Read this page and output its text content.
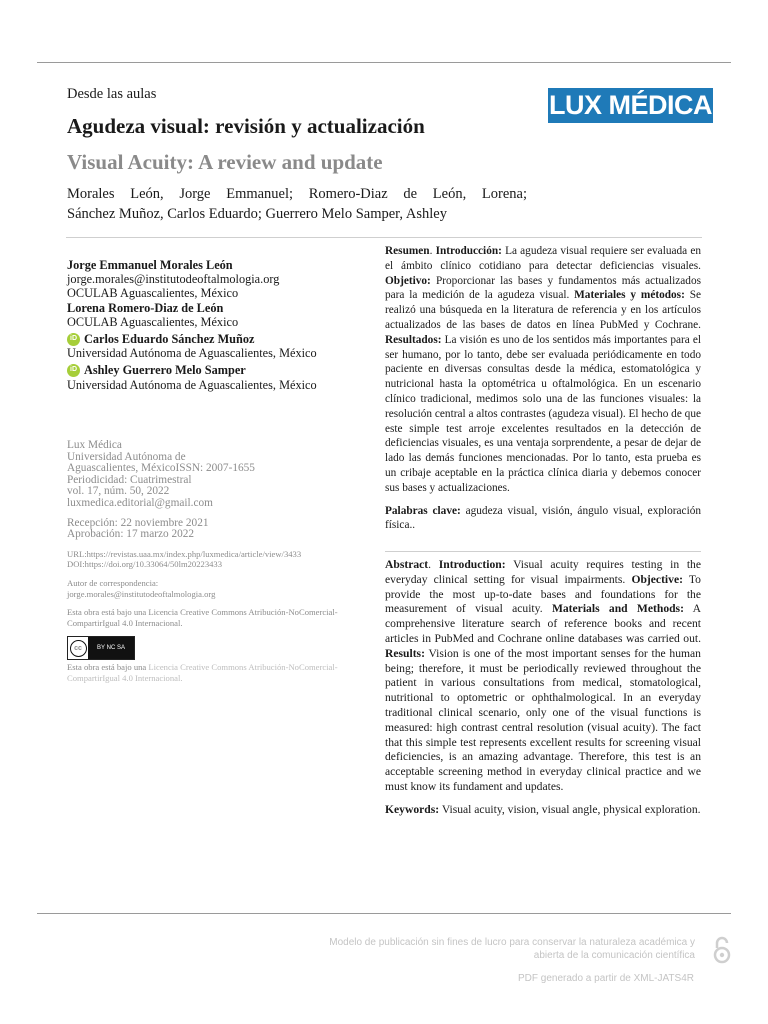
Desde las aulas	LUX MÉDICA
Agudeza visual: revisión y actualización
Visual Acuity: A review and update
Morales León, Jorge Emmanuel; Romero-Diaz de León, Lorena;
Sánchez Muñoz, Carlos Eduardo; Guerrero Melo Samper, Ashley
Jorge Emmanuel Morales León
jorge.morales@institutodeoftalmologia.org
OCULAB Aguascalientes, México
Lorena Romero-Diaz de León
OCULAB Aguascalientes, México
iD Carlos Eduardo Sánchez Muñoz
Universidad Autónoma de Aguascalientes, México
iD Ashley Guerrero Melo Samper
Universidad Autónoma de Aguascalientes, México
Lux Médica
Universidad Autónoma de
Aguascalientes, MéxicoISSN: 2007-1655
Periodicidad: Cuatrimestral
vol. 17, núm. 50, 2022
luxmedica.editorial@gmail.com
Recepción: 22 noviembre 2021
Aprobación: 17 marzo 2022
URL:https://revistas.uaa.mx/index.php/luxmedica/article/view/3433
DOI:https://doi.org/10.33064/50lm20223433
Autor de correspondencia:
jorge.morales@institutodeoftalmologia.org
Esta obra está bajo una Licencia Creative Commons Atribución-NoComercial-CompartirIgual 4.0 Internacional.
cc	BY NC SA
Esta obra está bajo una Licencia Creative Commons Atribución-NoComercial-CompartirIgual 4.0 Internacional.

Resumen. Introducción: La agudeza visual requiere ser evaluada en el ámbito clínico cotidiano para detectar deficiencias visuales. Objetivo: Proporcionar las bases y fundamentos más actualizados para la medición de la agudeza visual. Materiales y métodos: Se realizó una búsqueda en la literatura de referencia y en los artículos actualizados de las bases de datos en línea PubMed y Cochrane. Resultados: La visión es uno de los sentidos más importantes para el ser humano, por lo tanto, debe ser evaluada periódicamente en todo paciente en diversas consultas desde la médica, estomatológica y nutricional hasta la optométrica u oftalmológica. En un escenario clínico tradicional, medimos solo una de las funciones visuales: la resolución central a altos contrastes (agudeza visual). El hecho de que este simple test arroje excelentes resultados en la detección de deficiencias visuales, es una ventaja sorprendente, a pesar de dejar de lado las demás funciones mencionadas. Por lo tanto, esta prueba es un cribaje aceptable en la práctica clínica diaria y debemos conocer sus bases y actualizaciones.

Palabras clave: agudeza visual, visión, ángulo visual, exploración física..

Abstract. Introduction: Visual acuity requires testing in the everyday clinical setting for visual impairments. Objective: To provide the most up-to-date bases and foundations for the measurement of visual acuity. Materials and Methods: A comprehensive literature search of reference books and recent articles in PubMed and Cochrane online databases was carried out. Results: Vision is one of the most important senses for the human being; therefore, it must be periodically reviewed throughout the patient in various consultations from medical, stomatological, nutritional to optometric or ophthalmological. In an everyday traditional clinical scenario, only one of the visual functions is measured: high contrast central resolution (visual acuity). The fact that this simple test represents excellent results for screening visual deficiencies, is an amazing advantage. Therefore, this test is an acceptable screening method in everyday clinical practice and we must know its fundament and updates.

Keywords: Visual acuity, vision, visual angle, physical exploration.

Modelo de publicación sin fines de lucro para conservar la naturaleza académica y
abierta de la comunicación científica
PDF generado a partir de XML-JATS4R
